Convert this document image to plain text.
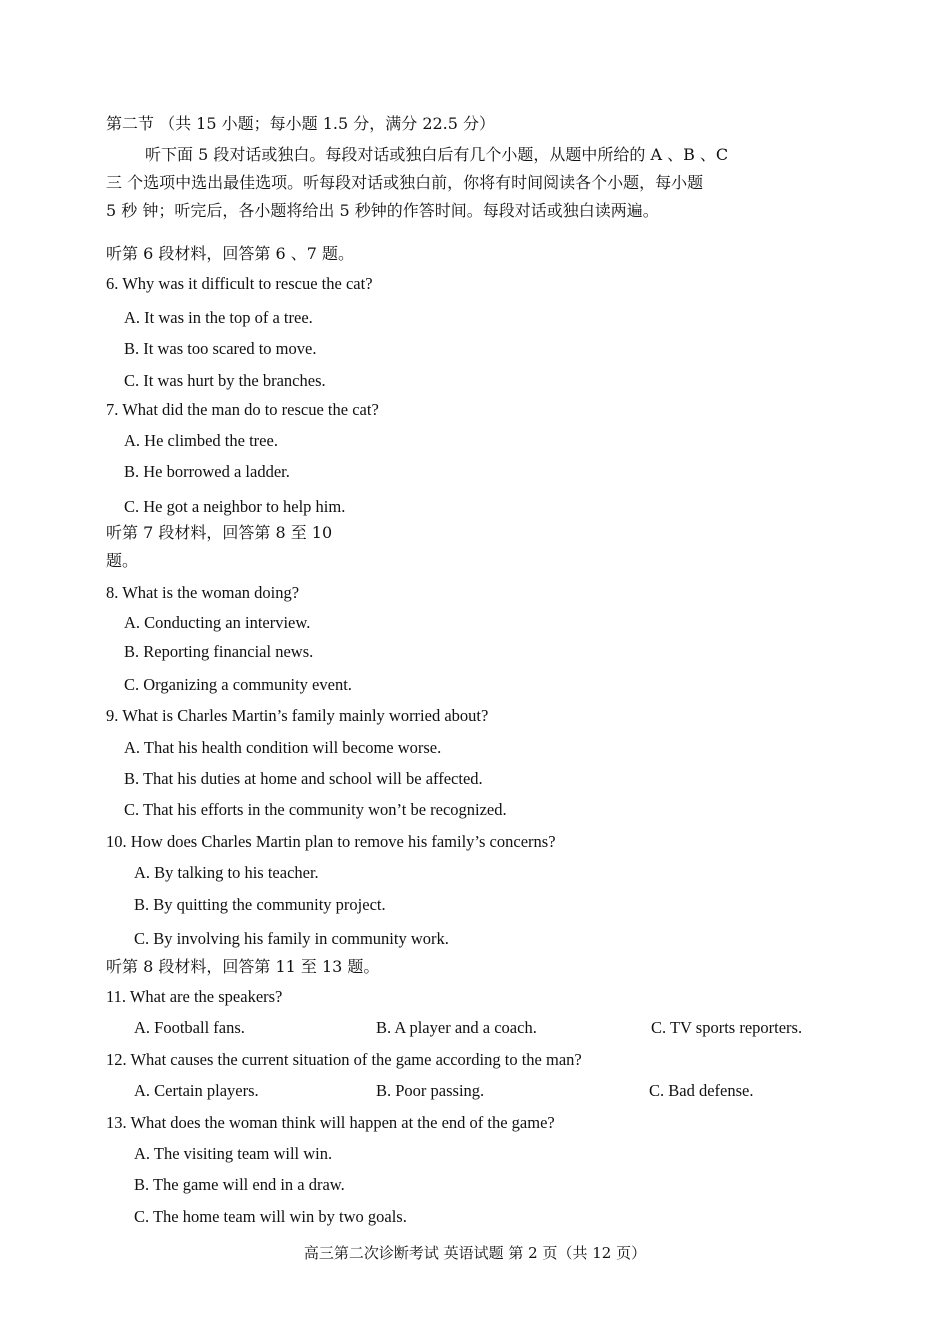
第二节 （共 15 小题；每小题 1.5 分，满分 22.5 分）
听下面 5 段对话或独白。每段对话或独白后有几个小题，从题中所给的 A 、B 、C
三 个选项中选出最佳选项。听每段对话或独白前，你将有时间阅读各个小题，每小题
5 秒 钟；听完后，各小题将给出 5 秒钟的作答时间。每段对话或独白读两遍。
听第 6 段材料，回答第 6 、7 题。
6. Why was it difficult to rescue the cat?
A. It was in the top of a tree.
B. It was too scared to move.
C. It was hurt by the branches.
7. What did the man do to rescue the cat?
A. He climbed the tree.
B. He borrowed a ladder.
C. He got a neighbor to help him.
听第 7 段材料，回答第 8 至 10
题。
8. What is the woman doing?
A. Conducting an interview.
B. Reporting financial news.
C. Organizing a community event.
9. What is Charles Martin’s family mainly worried about?
A. That his health condition will become worse.
B. That his duties at home and school will be affected.
C. That his efforts in the community won’t be recognized.
10. How does Charles Martin plan to remove his family’s concerns?
A. By talking to his teacher.
B. By quitting the community project.
C. By involving his family in community work.
听第 8 段材料，回答第 11 至 13 题。
11. What are the speakers?
A. Football fans.	B. A player and a coach.	C. TV sports reporters.
12. What causes the current situation of the game according to the man?
A. Certain players.	B. Poor passing.	C. Bad defense.
13. What does the woman think will happen at the end of the game?
A. The visiting team will win.
B. The game will end in a draw.
C. The home team will win by two goals.
高三第二次诊断考试 英语试题 第 2 页（共 12 页）
